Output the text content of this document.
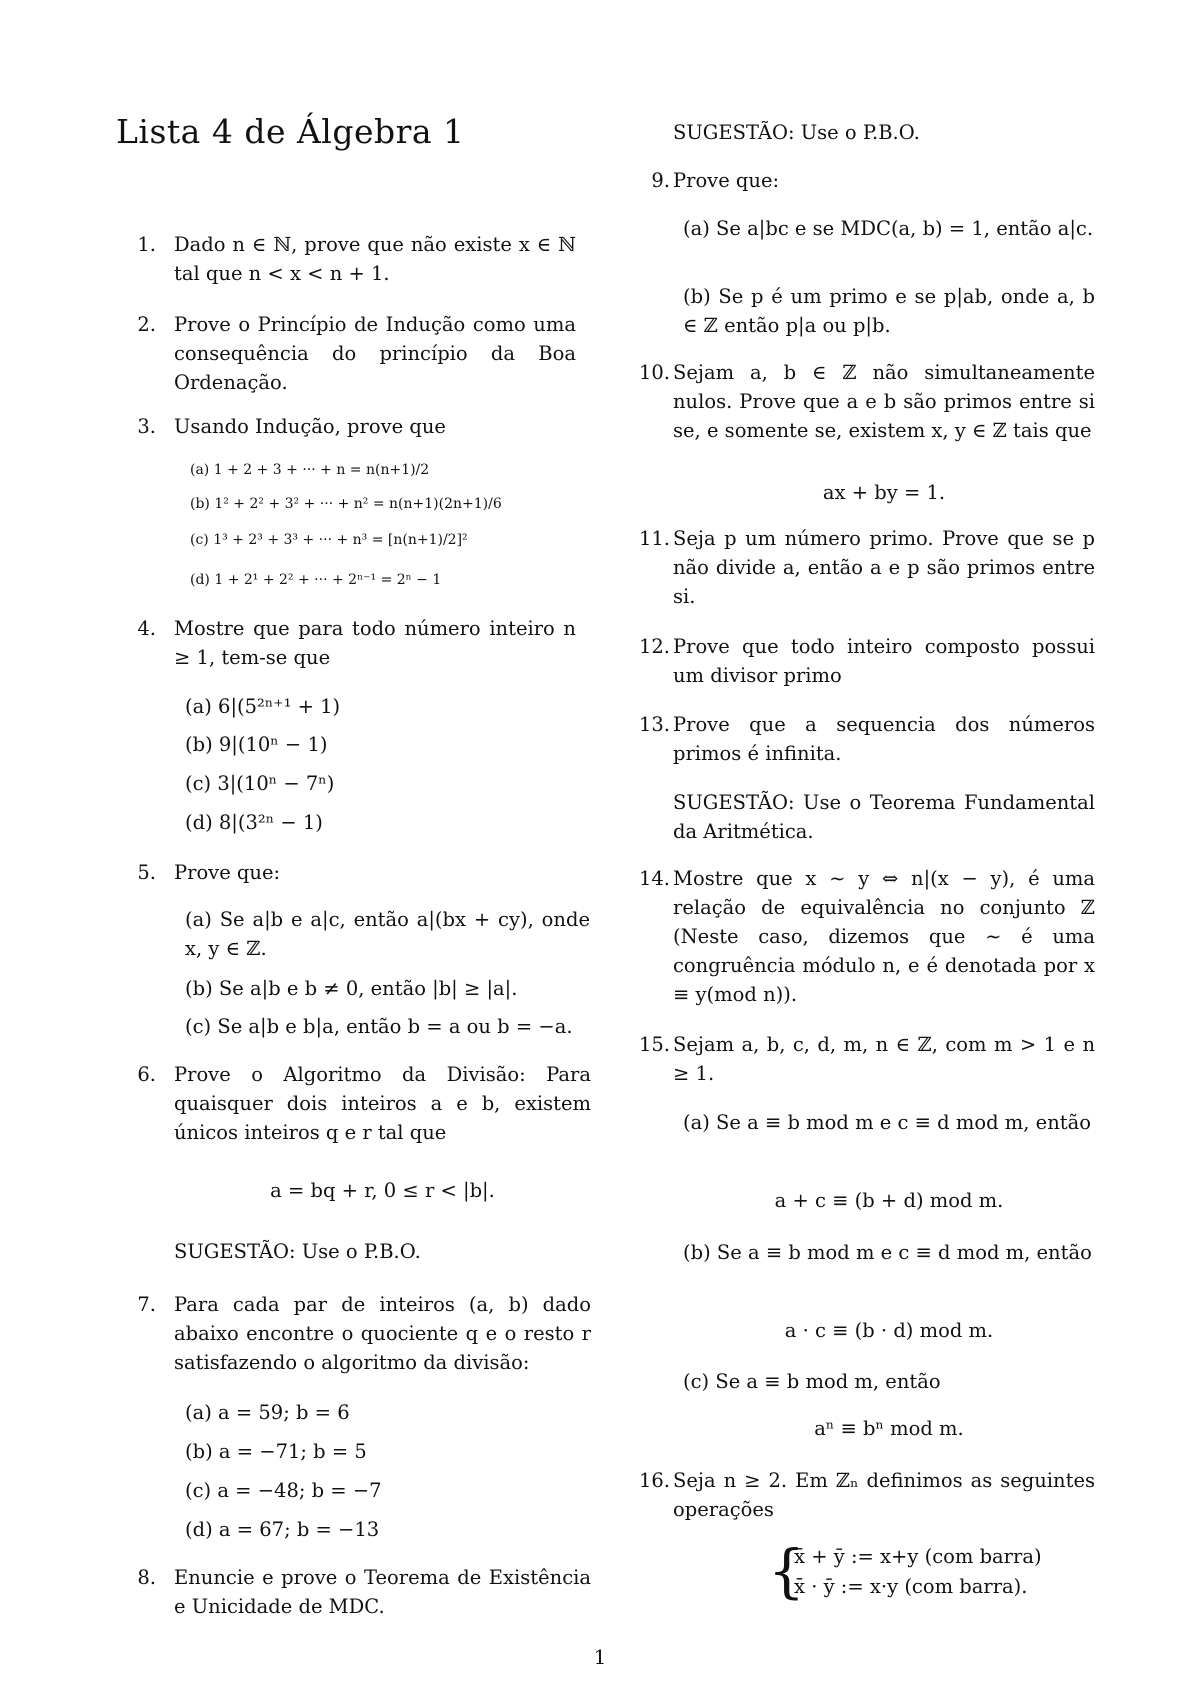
Lista 4 de Álgebra 1
1. Dado n ∈ ℕ, prove que não existe x ∈ ℕ tal que n < x < n + 1.
2. Prove o Princípio de Indução como uma consequência do princípio da Boa Ordenação.
3. Usando Indução, prove que
(a) 1 + 2 + 3 + ··· + n = n(n+1)/2
(b) 1² + 2² + 3² + ··· + n² = n(n+1)(2n+1)/6
(c) 1³ + 2³ + 3³ + ··· + n³ = [n(n+1)/2]²
(d) 1 + 2¹ + 2² + ··· + 2ⁿ⁻¹ = 2ⁿ − 1
4. Mostre que para todo número inteiro n ≥ 1, tem-se que
(a) 6|(5²ⁿ⁺¹ + 1)
(b) 9|(10ⁿ − 1)
(c) 3|(10ⁿ − 7ⁿ)
(d) 8|(3²ⁿ − 1)
5. Prove que:
(a) Se a|b e a|c, então a|(bx + cy), onde x, y ∈ ℤ.
(b) Se a|b e b ≠ 0, então |b| ≥ |a|.
(c) Se a|b e b|a, então b = a ou b = −a.
6. Prove o Algoritmo da Divisão: Para quaisquer dois inteiros a e b, existem únicos inteiros q e r tal que
a = bq + r, 0 ≤ r < |b|.
SUGESTÃO: Use o P.B.O.
7. Para cada par de inteiros (a, b) dado abaixo encontre o quociente q e o resto r satisfazendo o algoritmo da divisão:
(a) a = 59; b = 6
(b) a = −71; b = 5
(c) a = −48; b = −7
(d) a = 67; b = −13
8. Enuncie e prove o Teorema de Existência e Unicidade de MDC.
SUGESTÃO: Use o P.B.O.
9. Prove que:
(a) Se a|bc e se MDC(a, b) = 1, então a|c.
(b) Se p é um primo e se p|ab, onde a, b ∈ ℤ então p|a ou p|b.
10. Sejam a, b ∈ ℤ não simultaneamente nulos. Prove que a e b são primos entre si se, e somente se, existem x, y ∈ ℤ tais que
ax + by = 1.
11. Seja p um número primo. Prove que se p não divide a, então a e p são primos entre si.
12. Prove que todo inteiro composto possui um divisor primo
13. Prove que a sequencia dos números primos é infinita.
SUGESTÃO: Use o Teorema Fundamental da Aritmética.
14. Mostre que x ∼ y ⇔ n|(x − y), é uma relação de equivalência no conjunto ℤ (Neste caso, dizemos que ∼ é uma congruência módulo n, e é denotada por x ≡ y(mod n)).
15. Sejam a, b, c, d, m, n ∈ ℤ, com m > 1 e n ≥ 1.
(a) Se a ≡ b mod m e c ≡ d mod m, então
a + c ≡ (b + d) mod m.
(b) Se a ≡ b mod m e c ≡ d mod m, então
a · c ≡ (b · d) mod m.
(c) Se a ≡ b mod m, então
aⁿ ≡ bⁿ mod m.
16. Seja n ≥ 2. Em ℤₙ definimos as seguintes operações
{
x̄ + ȳ := x+y (com barra)
x̄ · ȳ := x·y (com barra).
1
